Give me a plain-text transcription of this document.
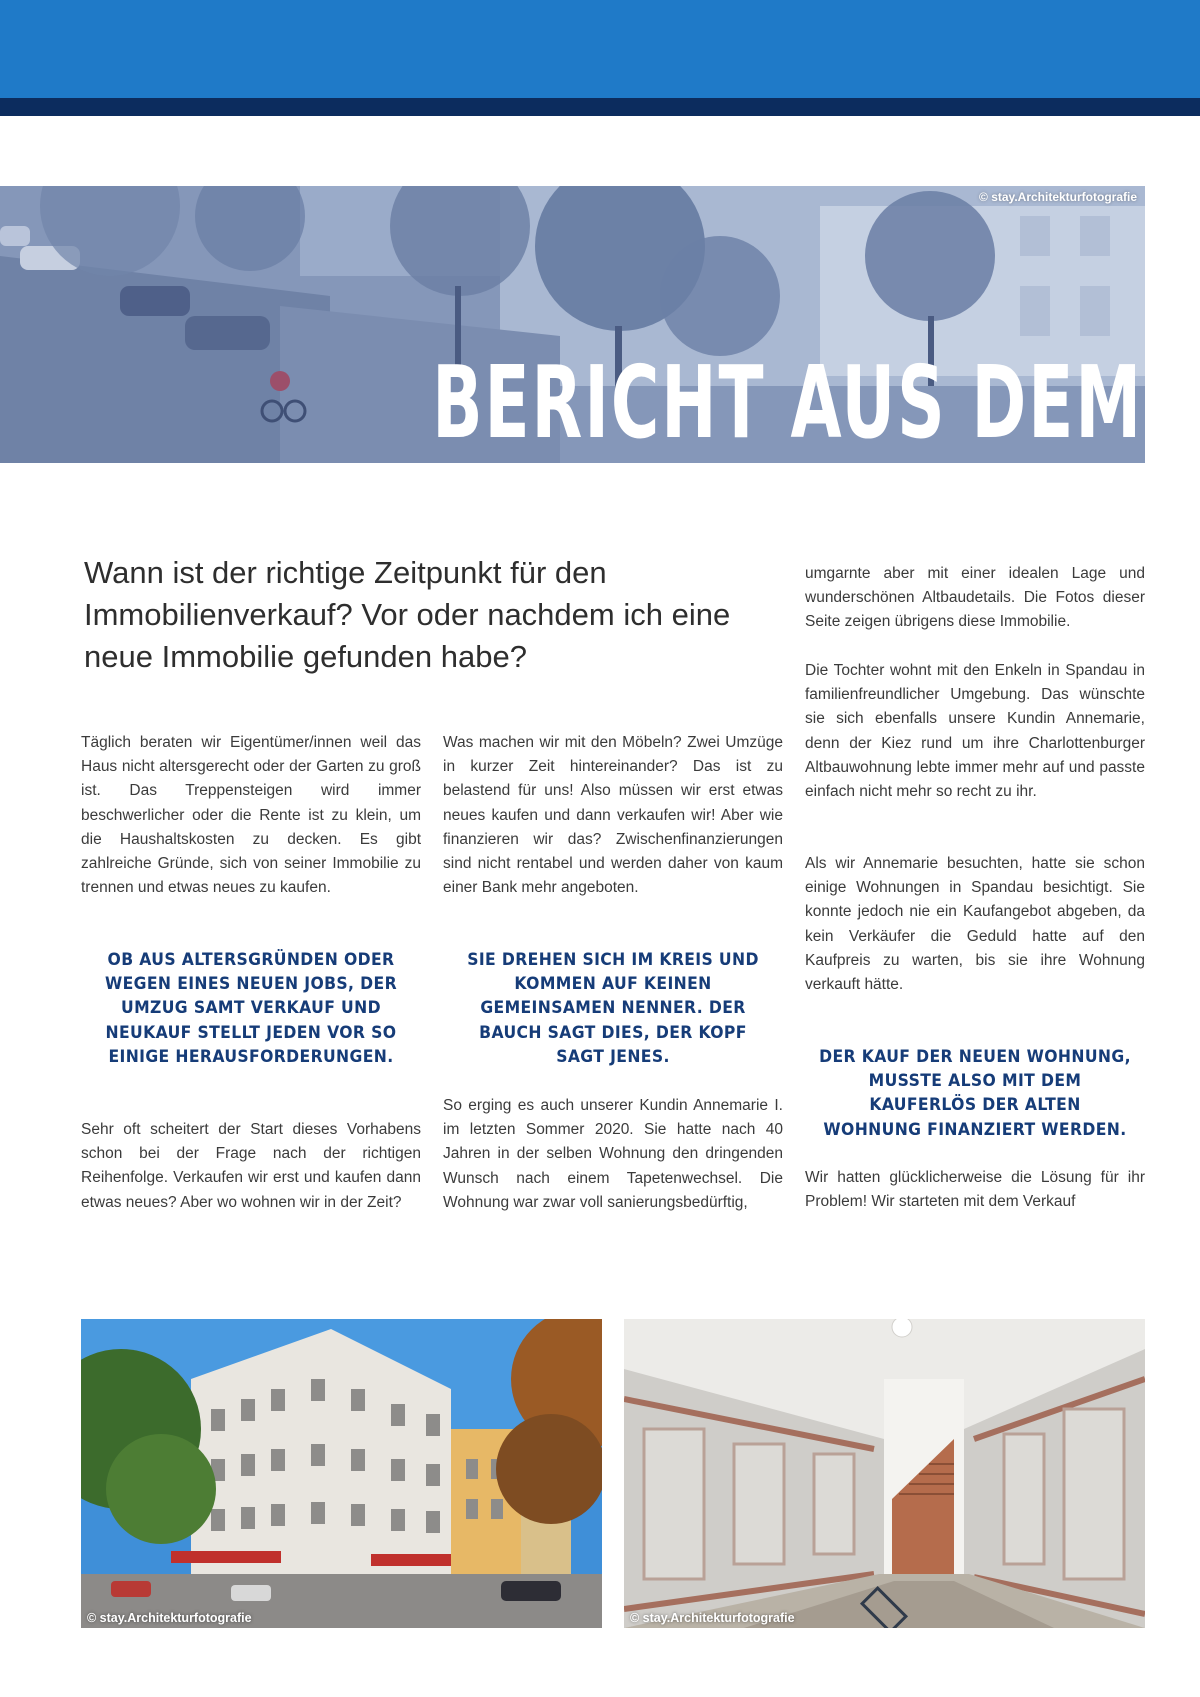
© stay.Architekturfotografie
BERICHT AUS DEM
Wann ist der richtige Zeitpunkt für den Immobilienverkauf? Vor oder nachdem ich eine neue Immobilie gefunden habe?

Täglich beraten wir Eigentümer/innen weil das Haus nicht altersgerecht oder der Garten zu groß ist. Das Treppensteigen wird immer beschwerlicher oder die Rente ist zu klein, um die Haushaltskosten zu decken. Es gibt zahlreiche Gründe, sich von seiner Immobilie zu trennen und etwas neues zu kaufen.

OB AUS ALTERSGRÜNDEN ODER WEGEN EINES NEUEN JOBS, DER UMZUG SAMT VERKAUF UND NEUKAUF STELLT JEDEN VOR SO EINIGE HERAUSFORDERUNGEN.

Sehr oft scheitert der Start dieses Vorhabens schon bei der Frage nach der richtigen Reihenfolge. Verkaufen wir erst und kaufen dann etwas neues? Aber wo wohnen wir in der Zeit?

Was machen wir mit den Möbeln? Zwei Umzüge in kurzer Zeit hintereinander? Das ist zu belastend für uns! Also müssen wir erst etwas neues kaufen und dann verkaufen wir! Aber wie finanzieren wir das? Zwischenfinanzierungen sind nicht rentabel und werden daher von kaum einer Bank mehr angeboten.

SIE DREHEN SICH IM KREIS UND KOMMEN AUF KEINEN GEMEINSAMEN NENNER. DER BAUCH SAGT DIES, DER KOPF SAGT JENES.

So erging es auch unserer Kundin Annemarie I. im letzten Sommer 2020. Sie hatte nach 40 Jahren in der selben Wohnung den dringenden Wunsch nach einem Tapetenwechsel. Die Wohnung war zwar voll sanierungsbedürftig,

umgarnte aber mit einer idealen Lage und wunderschönen Altbaudetails. Die Fotos dieser Seite zeigen übrigens diese Immobilie.

Die Tochter wohnt mit den Enkeln in Spandau in familienfreundlicher Umgebung. Das wünschte sie sich ebenfalls unsere Kundin Annemarie, denn der Kiez rund um ihre Charlottenburger Altbauwohnung lebte immer mehr auf und passte einfach nicht mehr so recht zu ihr.

Als wir Annemarie besuchten, hatte sie schon einige Wohnungen in Spandau besichtigt. Sie konnte jedoch nie ein Kaufangebot abgeben, da kein Verkäufer die Geduld hatte auf den Kaufpreis zu warten, bis sie ihre Wohnung verkauft hätte.

DER KAUF DER NEUEN WOHNUNG, MUSSTE ALSO MIT DEM KAUFERLÖS DER ALTEN WOHNUNG FINANZIERT WERDEN.

Wir hatten glücklicherweise die Lösung für ihr Problem! Wir starteten mit dem Verkauf

© stay.Architekturfotografie	© stay.Architekturfotografie
